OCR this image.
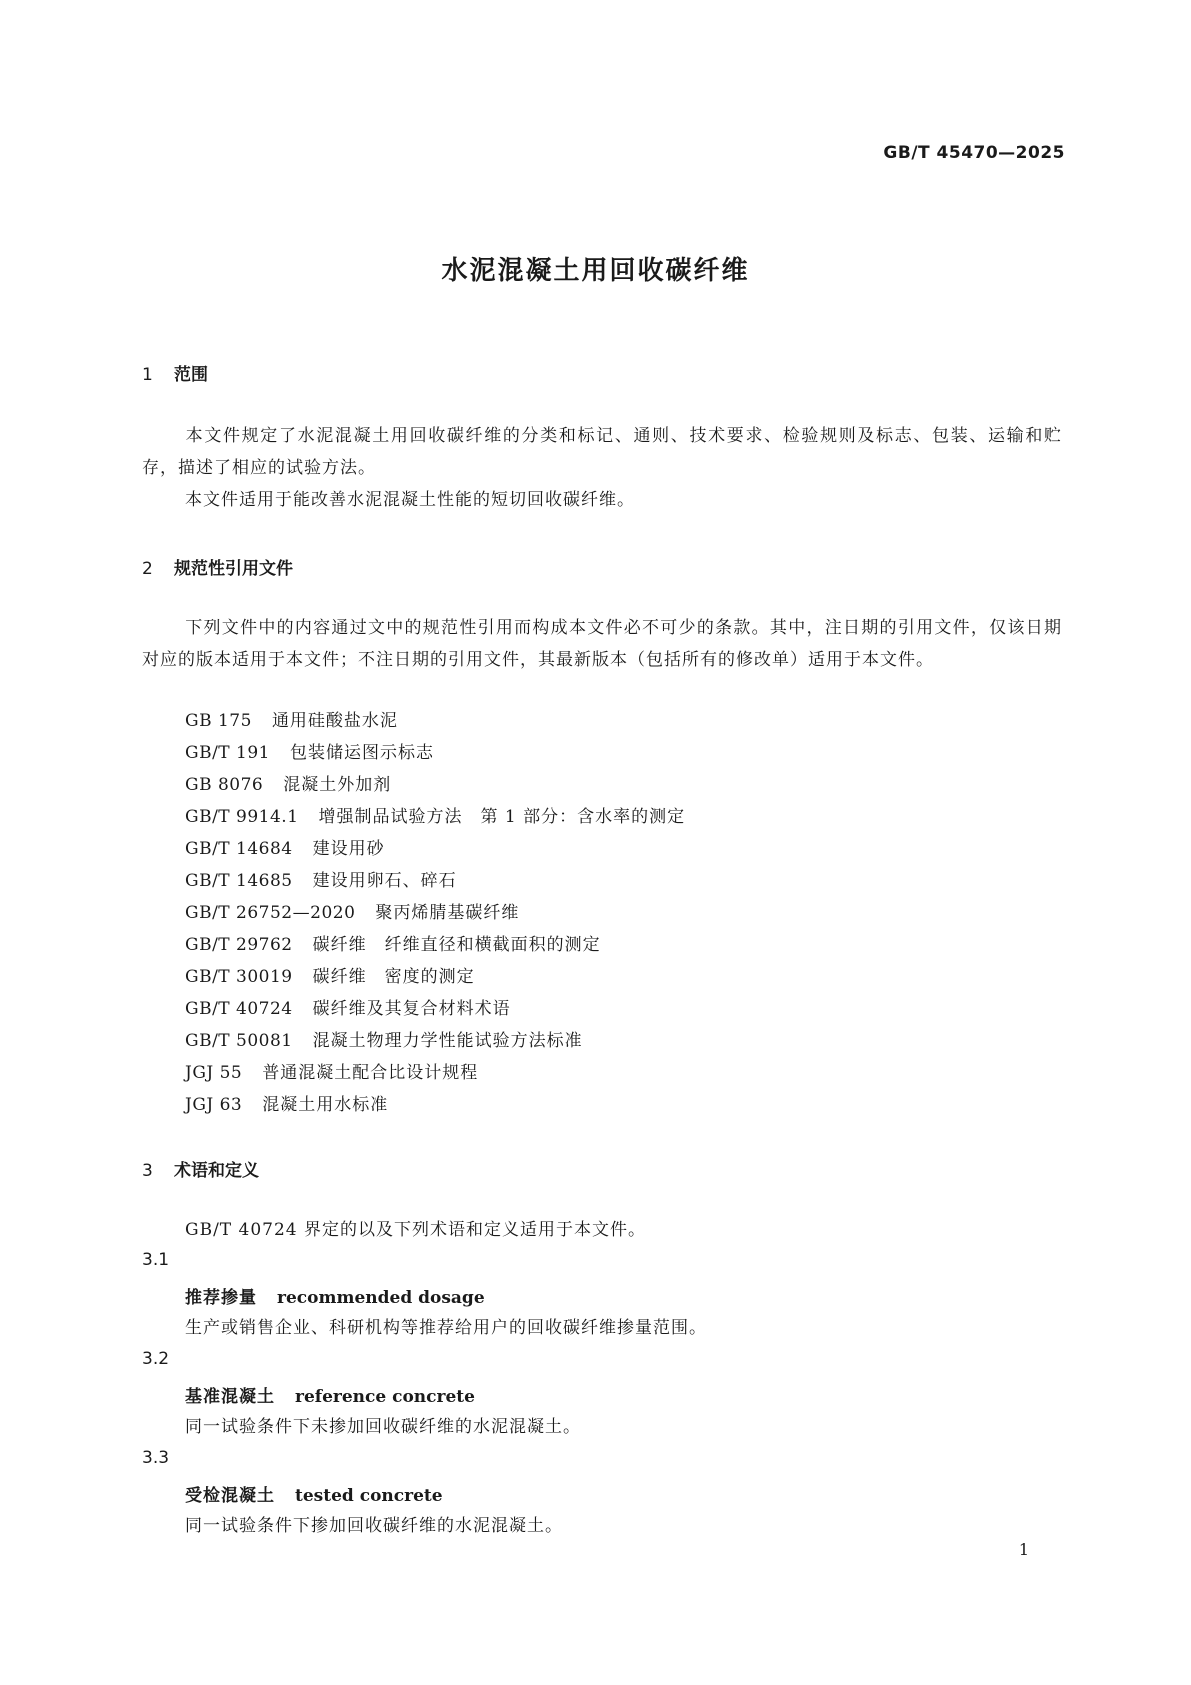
GB/T 45470—2025

水泥混凝土用回收碳纤维
1 范围

本文件规定了水泥混凝土用回收碳纤维的分类和标记、通则、技术要求、检验规则及标志、包装、运输和贮存，描述了相应的试验方法。

本文件适用于能改善水泥混凝土性能的短切回收碳纤维。

2 规范性引用文件

下列文件中的内容通过文中的规范性引用而构成本文件必不可少的条款。其中，注日期的引用文件，仅该日期对应的版本适用于本文件；不注日期的引用文件，其最新版本（包括所有的修改单）适用于本文件。

GB 175 通用硅酸盐水泥
GB/T 191 包装储运图示标志
GB 8076 混凝土外加剂
GB/T 9914.1 增强制品试验方法　第 1 部分：含水率的测定
GB/T 14684 建设用砂
GB/T 14685 建设用卵石、碎石
GB/T 26752—2020 聚丙烯腈基碳纤维
GB/T 29762 碳纤维　纤维直径和横截面积的测定
GB/T 30019 碳纤维　密度的测定
GB/T 40724 碳纤维及其复合材料术语
GB/T 50081 混凝土物理力学性能试验方法标准
JGJ 55 普通混凝土配合比设计规程
JGJ 63 混凝土用水标准
3 术语和定义

GB/T 40724 界定的以及下列术语和定义适用于本文件。

3.1

推荐掺量 recommended dosage

生产或销售企业、科研机构等推荐给用户的回收碳纤维掺量范围。

3.2

基准混凝土 reference concrete

同一试验条件下未掺加回收碳纤维的水泥混凝土。

3.3

受检混凝土 tested concrete

同一试验条件下掺加回收碳纤维的水泥混凝土。

1
